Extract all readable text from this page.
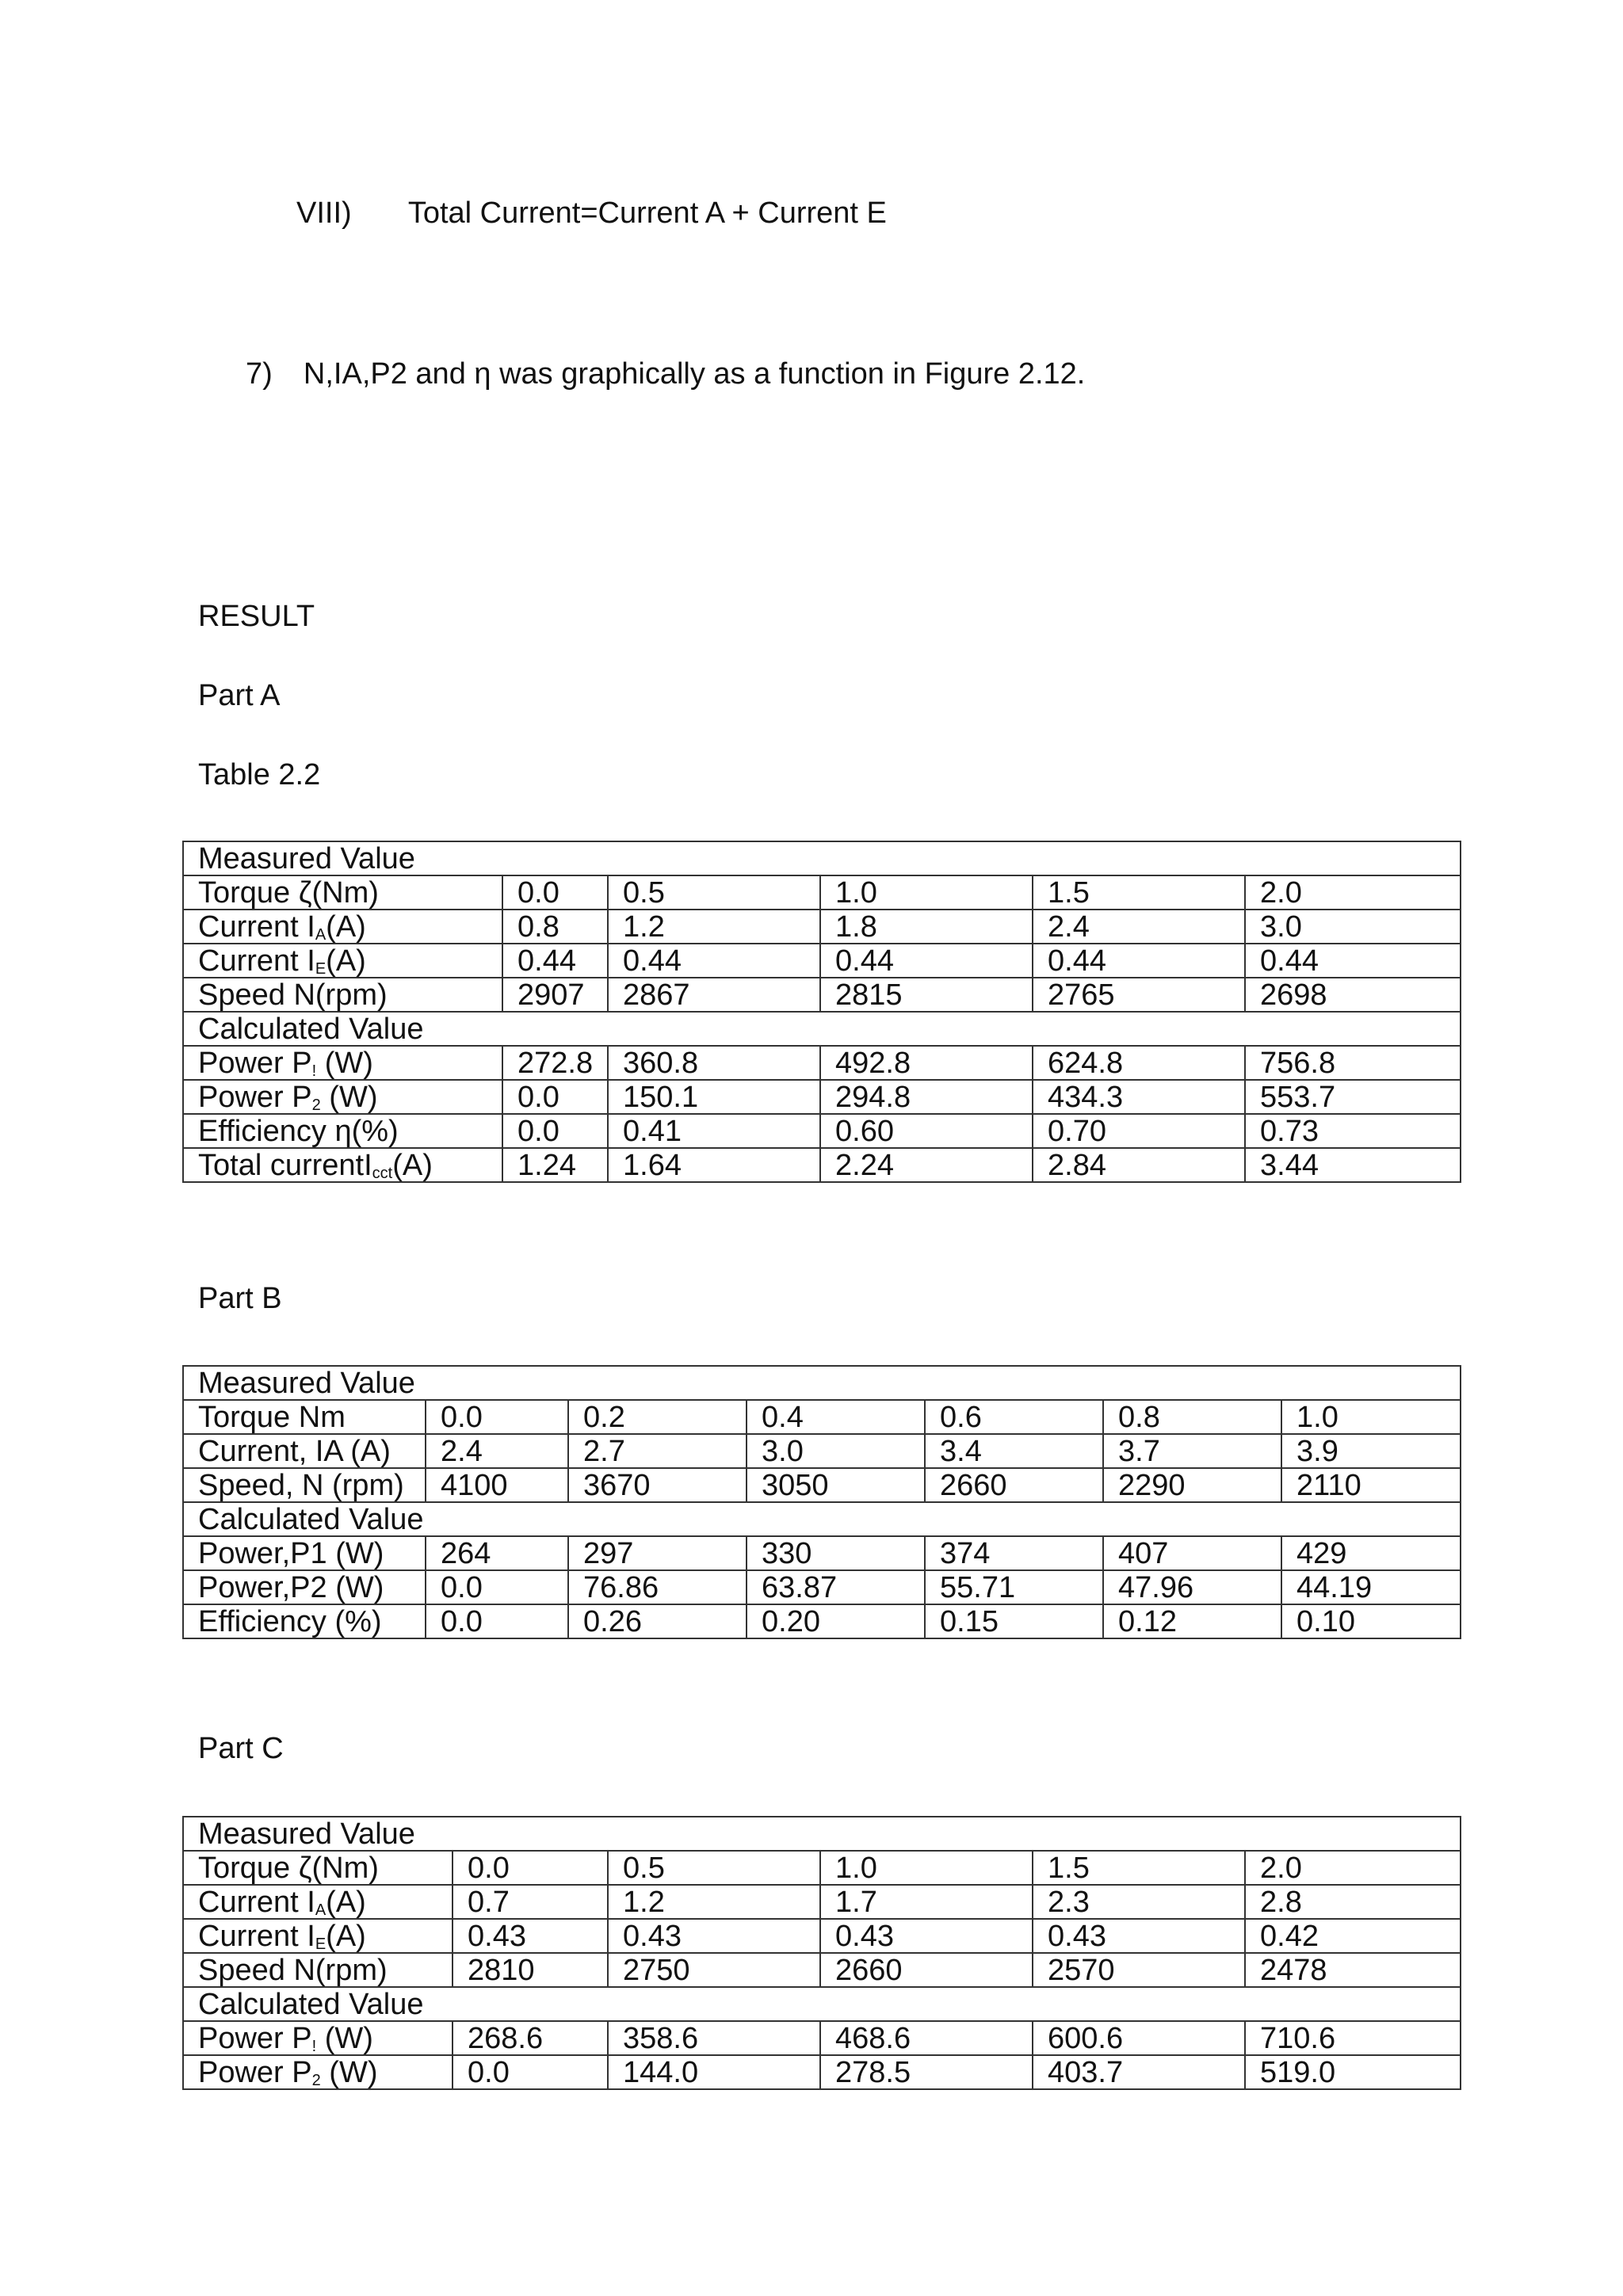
VIII) Total Current=Current A + Current E
7) N,IA,P2 and η was graphically as a function in Figure 2.12.
RESULT
Part A
Table 2.2
Part B
Part C
Measured Value					
Torque ζ(Nm)	0.0	0.5	1.0	1.5	2.0
Current $I_A(A)$	0.8	1.2	1.8	2.4	3.0
Current $I_E(A)$	0.44	0.44	0.44	0.44	0.44
Speed N(rpm)	2907	2867	2815	2765	2698
Calculated Value					
Power $P_!$ (W)	272.8	360.8	492.8	624.8	756.8
Power $P_2$ (W)	0.0	150.1	294.8	434.3	553.7
Efficiency η(%)	0.0	0.41	0.60	0.70	0.73
Total currentI$_{cct}$(A)	1.24	1.64	2.24	2.84	3.44
Measured Value						
Torque Nm	0.0	0.2	0.4	0.6	0.8	1.0
Current, IA (A)	2.4	2.7	3.0	3.4	3.7	3.9
Speed, N (rpm)	4100	3670	3050	2660	2290	2110
Calculated Value						
Power,P1 (W)	264	297	330	374	407	429
Power,P2 (W)	0.0	76.86	63.87	55.71	47.96	44.19
Efficiency (%)	0.0	0.26	0.20	0.15	0.12	0.10
Measured Value					
Torque ζ(Nm)	0.0	0.5	1.0	1.5	2.0
Current $I_A(A)$	0.7	1.2	1.7	2.3	2.8
Current $I_E(A)$	0.43	0.43	0.43	0.43	0.42
Speed N(rpm)	2810	2750	2660	2570	2478
Calculated Value					
Power $P_!$ (W)	268.6	358.6	468.6	600.6	710.6
Power $P_2$ (W)	0.0	144.0	278.5	403.7	519.0
